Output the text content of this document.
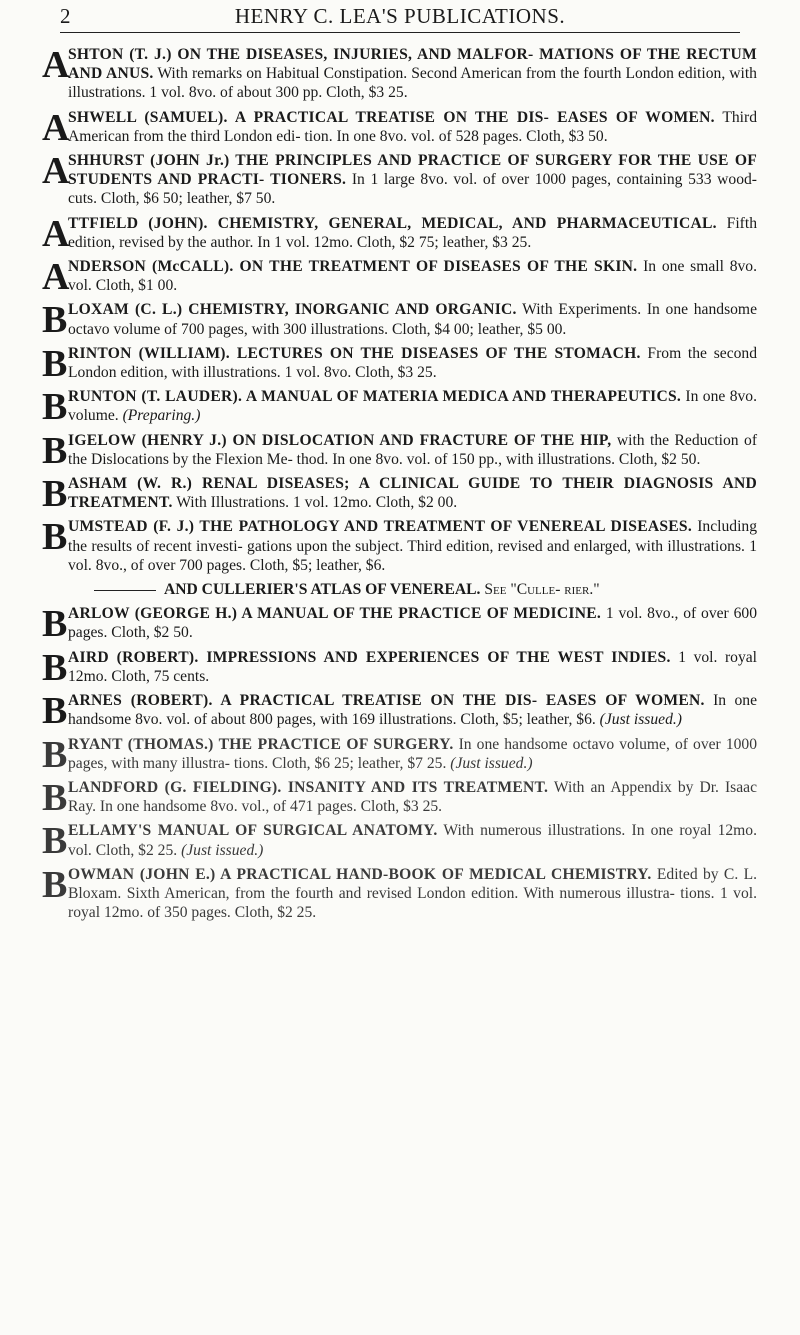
2	HENRY C. LEA'S PUBLICATIONS.
A
SHTON (T. J.) ON THE DISEASES, INJURIES, AND MALFOR- MATIONS OF THE RECTUM AND ANUS. With remarks on Habitual Constipation. Second American from the fourth London edition, with illustrations. 1 vol. 8vo. of about 300 pp. Cloth, $3 25.
A
SHWELL (SAMUEL). A PRACTICAL TREATISE ON THE DIS- EASES OF WOMEN. Third American from the third London edi- tion. In one 8vo. vol. of 528 pages. Cloth, $3 50.
A
SHHURST (JOHN Jr.) THE PRINCIPLES AND PRACTICE OF SURGERY FOR THE USE OF STUDENTS AND PRACTI- TIONERS. In 1 large 8vo. vol. of over 1000 pages, containing 533 wood-cuts. Cloth, $6 50; leather, $7 50.
A
TTFIELD (JOHN). CHEMISTRY, GENERAL, MEDICAL, AND PHARMACEUTICAL. Fifth edition, revised by the author. In 1 vol. 12mo. Cloth, $2 75; leather, $3 25.
A
NDERSON (McCALL). ON THE TREATMENT OF DISEASES OF THE SKIN. In one small 8vo. vol. Cloth, $1 00.
B LOXAM (C. L.) CHEMISTRY, INORGANIC AND ORGANIC. With Experiments. In one handsome octavo volume of 700 pages, with 300 illustrations. Cloth, $4 00; leather, $5 00.
B RINTON (WILLIAM). LECTURES ON THE DISEASES OF THE STOMACH. From the second London edition, with illustrations. 1 vol. 8vo. Cloth, $3 25.
B RUNTON (T. LAUDER). A MANUAL OF MATERIA MEDICA AND THERAPEUTICS. In one 8vo. volume. (Preparing.)
B IGELOW (HENRY J.) ON DISLOCATION AND FRACTURE OF THE HIP, with the Reduction of the Dislocations by the Flexion Me- thod. In one 8vo. vol. of 150 pp., with illustrations. Cloth, $2 50.
B ASHAM (W. R.) RENAL DISEASES; A CLINICAL GUIDE TO THEIR DIAGNOSIS AND TREATMENT. With Illustrations. 1 vol. 12mo. Cloth, $2 00.
B UMSTEAD (F. J.) THE PATHOLOGY AND TREATMENT OF VENEREAL DISEASES. Including the results of recent investi- gations upon the subject. Third edition, revised and enlarged, with illustrations. 1 vol. 8vo., of over 700 pages. Cloth, $5; leather, $6.
AND CULLERIER'S ATLAS OF VENEREAL. See "Culle- rier."
B ARLOW (GEORGE H.) A MANUAL OF THE PRACTICE OF MEDICINE. 1 vol. 8vo., of over 600 pages. Cloth, $2 50.
B AIRD (ROBERT). IMPRESSIONS AND EXPERIENCES OF THE WEST INDIES. 1 vol. royal 12mo. Cloth, 75 cents.
B ARNES (ROBERT). A PRACTICAL TREATISE ON THE DIS- EASES OF WOMEN. In one handsome 8vo. vol. of about 800 pages, with 169 illustrations. Cloth, $5; leather, $6. (Just issued.)
B RYANT (THOMAS.) THE PRACTICE OF SURGERY. In one handsome octavo volume, of over 1000 pages, with many illustra- tions. Cloth, $6 25; leather, $7 25. (Just issued.)
B LANDFORD (G. FIELDING). INSANITY AND ITS TREATMENT. With an Appendix by Dr. Isaac Ray. In one handsome 8vo. vol., of 471 pages. Cloth, $3 25.
B ELLAMY'S MANUAL OF SURGICAL ANATOMY. With numerous illustrations. In one royal 12mo. vol. Cloth, $2 25. (Just issued.)
B OWMAN (JOHN E.) A PRACTICAL HAND-BOOK OF MEDICAL CHEMISTRY. Edited by C. L. Bloxam. Sixth American, from the fourth and revised London edition. With numerous illustra- tions. 1 vol. royal 12mo. of 350 pages. Cloth, $2 25.
